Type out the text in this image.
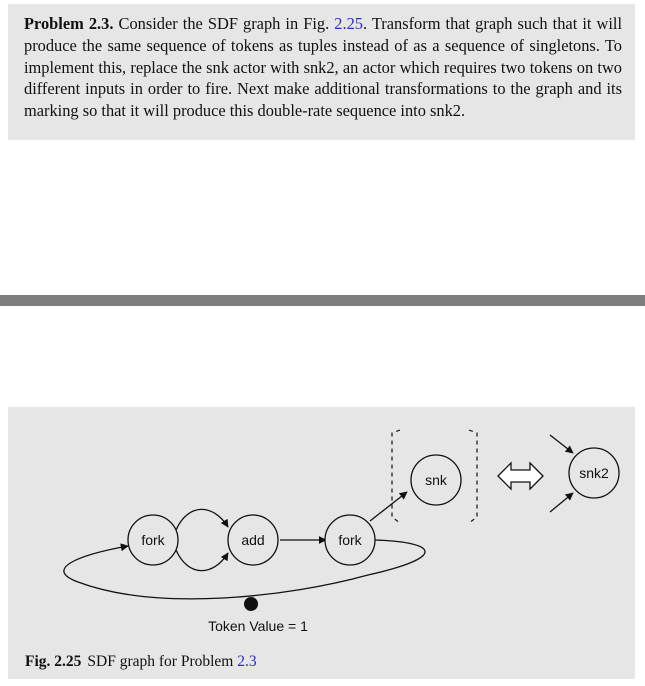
Problem 2.3. Consider the SDF graph in Fig. 2.25. Transform that graph such that it will produce the same sequence of tokens as tuples instead of as a sequence of singletons. To implement this, replace the snk actor with snk2, an actor which requires two tokens on two different inputs in order to fire. Next make additional transformations to the graph and its marking so that it will produce this double-rate sequence into snk2.

fork	add	fork
snk	snk2
Token Value = 1

Fig. 2.25 SDF graph for Problem 2.3
